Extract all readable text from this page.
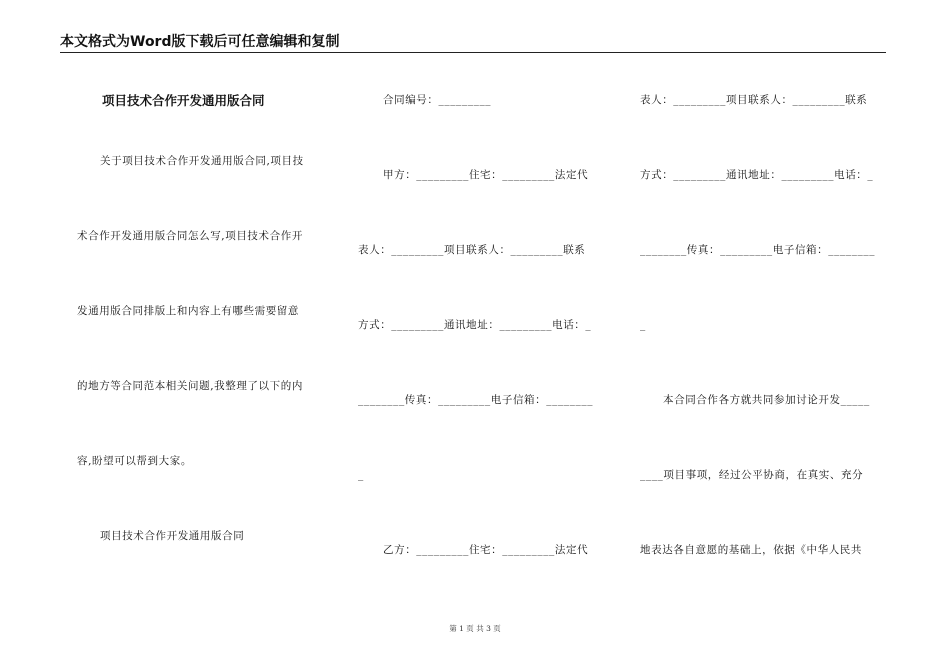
本文格式为Word版下载后可任意编辑和复制
项目技术合作开发通用版合同
关于项目技术合作开发通用版合同,项目技
术合作开发通用版合同怎么写,项目技术合作开
发通用版合同排版上和内容上有哪些需要留意
的地方等合同范本相关问题,我整理了以下的内
容,盼望可以帮到大家。
项目技术合作开发通用版合同
合同编号：_________
甲方：_________住宅：_________法定代
表人：_________项目联系人：_________联系
方式：_________通讯地址：_________电话：_
________传真：_________电子信箱：________
_
乙方：_________住宅：_________法定代
表人：_________项目联系人：_________联系
方式：_________通讯地址：_________电话：_
________传真：_________电子信箱：________
_
本合同合作各方就共同参加讨论开发_____
____项目事项，经过公平协商，在真实、充分
地表达各自意愿的基础上，依据《中华人民共
第 1 页 共 3 页
